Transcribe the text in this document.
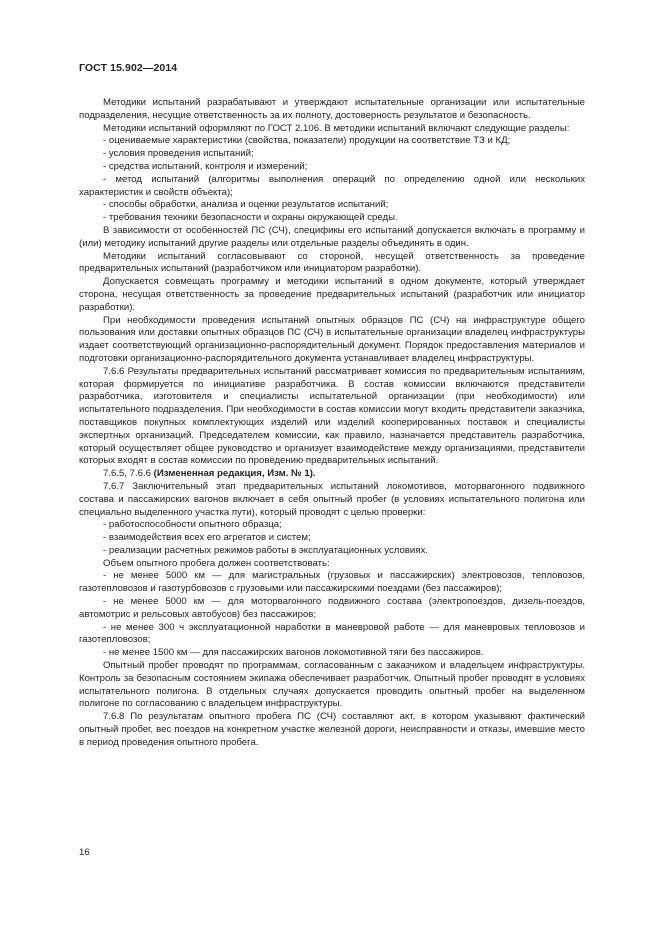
ГОСТ 15.902—2014

Методики испытаний разрабатывают и утверждают испытательные организации или испытательные подразделения, несущие ответственность за их полноту, достоверность результатов и безопасность.

Методики испытаний оформляют по ГОСТ 2.106. В методики испытаний включают следующие разделы:

- оцениваемые характеристики (свойства, показатели) продукции на соответствие ТЗ и КД;

- условия проведения испытаний;

- средства испытаний, контроля и измерений;

- метод испытаний (алгоритмы выполнения операций по определению одной или нескольких характеристик и свойств объекта);

- способы обработки, анализа и оценки результатов испытаний;

- требования техники безопасности и охраны окружающей среды.

В зависимости от особенностей ПС (СЧ), спецификы его испытаний допускается включать в программу и (или) методику испытаний другие разделы или отдельные разделы объединять в один.

Методики испытаний согласовывают со стороной, несущей ответственность за проведение предварительных испытаний (разработчиком или инициатором разработки).

Допускается совмещать программу и методики испытаний в одном документе, который утверждает сторона, несущая ответственность за проведение предварительных испытаний (разработчик или инициатор разработки).

При необходимости проведения испытаний опытных образцов ПС (СЧ) на инфраструктуре общего пользования или доставки опытных образцов ПС (СЧ) в испытательные организации владелец инфраструктуры издает соответствующий организационно-распорядительный документ. Порядок предоставления материалов и подготовки организационно-распорядительного документа устанавливает владелец инфраструктуры.

7.6.6 Результаты предварительных испытаний рассматривает комиссия по предварительным испытаниям, которая формируется по инициативе разработчика. В состав комиссии включаются представители разработчика, изготовителя и специалисты испытательной организации (при необходимости) или испытательного подразделения. При необходимости в состав комиссии могут входить представители заказчика, поставщиков покупных комплектующих изделий или изделий кооперированных поставок и специалисты экспертных организаций. Председателем комиссии, как правило, назначается представитель разработчика, который осуществляет общее руководство и организует взаимодействие между организациями, представители которых входят в состав комиссии по проведению предварительных испытаний.

7.6.5, 7.6.6 (Измененная редакция, Изм. № 1).

7.6.7 Заключительный этап предварительных испытаний локомотивов, моторвагонного подвижного состава и пассажирских вагонов включает в себя опытный пробег (в условиях испытательного полигона или специально выделенного участка пути), который проводят с целью проверки:

- работоспособности опытного образца;

- взаимодействия всех его агрегатов и систем;

- реализации расчетных режимов работы в эксплуатационных условиях.

Объем опытного пробега должен соответствовать:

- не менее 5000 км — для магистральных (грузовых и пассажирских) электровозов, тепловозов, газотепловозов и газотурбовозов с грузовыми или пассажирскими поездами (без пассажиров);

- не менее 5000 км — для моторвагонного подвижного состава (электропоездов, дизель-поездов, автомотрис и рельсовых автобусов) без пассажиров;

- не менее 300 ч эксплуатационной наработки в маневровой работе — для маневровых тепловозов и газотепловозов;

- не менее 1500 км — для пассажирских вагонов локомотивной тяги без пассажиров.

Опытный пробег проводят по программам, согласованным с заказчиком и владельцем инфраструктуры. Контроль за безопасным состоянием экипажа обеспечивает разработчик. Опытный пробег проводят в условиях испытательного полигона. В отдельных случаях допускается проводить опытный пробег на выделенном полигоне по согласованию с владельцем инфраструктуры.

7.6.8 По результатам опытного пробега ПС (СЧ) составляют акт, в котором указывают фактический опытный пробег, вес поездов на конкретном участке железной дороги, неисправности и отказы, имевшие место в период проведения опытного пробега.

16
